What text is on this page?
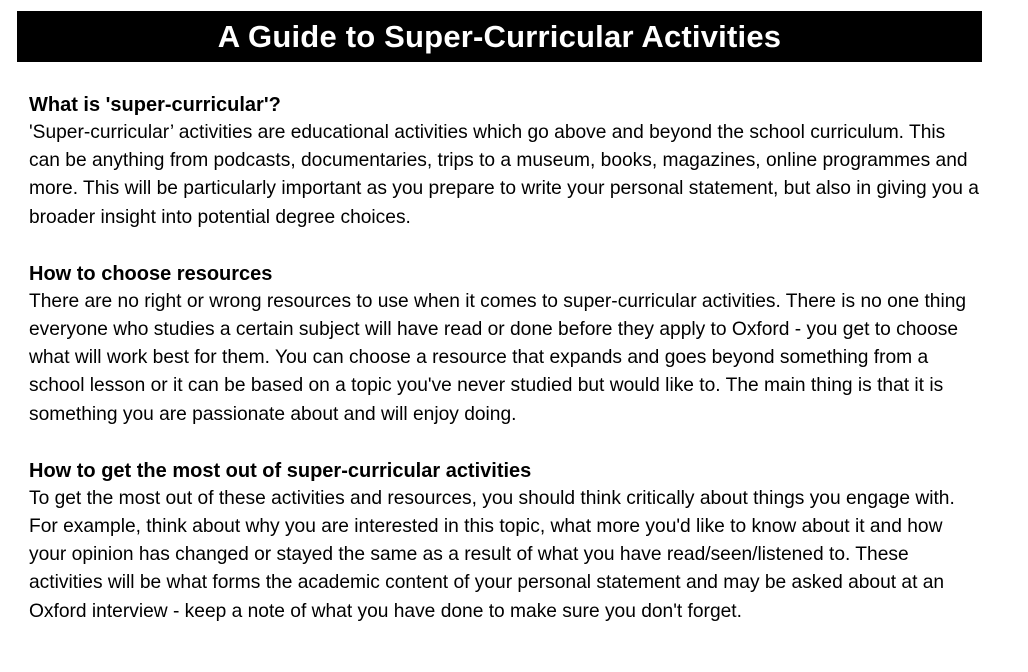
A Guide to Super-Curricular Activities

What is 'super-curricular'?

'Super-curricular’ activities are educational activities which go above and beyond the school curriculum. This can be anything from podcasts, documentaries, trips to a museum, books, magazines, online programmes and more. This will be particularly important as you prepare to write your personal statement, but also in giving you a broader insight into potential degree choices.

How to choose resources

There are no right or wrong resources to use when it comes to super-curricular activities. There is no one thing everyone who studies a certain subject will have read or done before they apply to Oxford - you get to choose what will work best for them. You can choose a resource that expands and goes beyond something from a school lesson or it can be based on a topic you've never studied but would like to. The main thing is that it is something you are passionate about and will enjoy doing.

How to get the most out of super-curricular activities

To get the most out of these activities and resources, you should think critically about things you engage with. For example, think about why you are interested in this topic, what more you'd like to know about it and how your opinion has changed or stayed the same as a result of what you have read/seen/listened to. These activities will be what forms the academic content of your personal statement and may be asked about at an Oxford interview - keep a note of what you have done to make sure you don't forget.
